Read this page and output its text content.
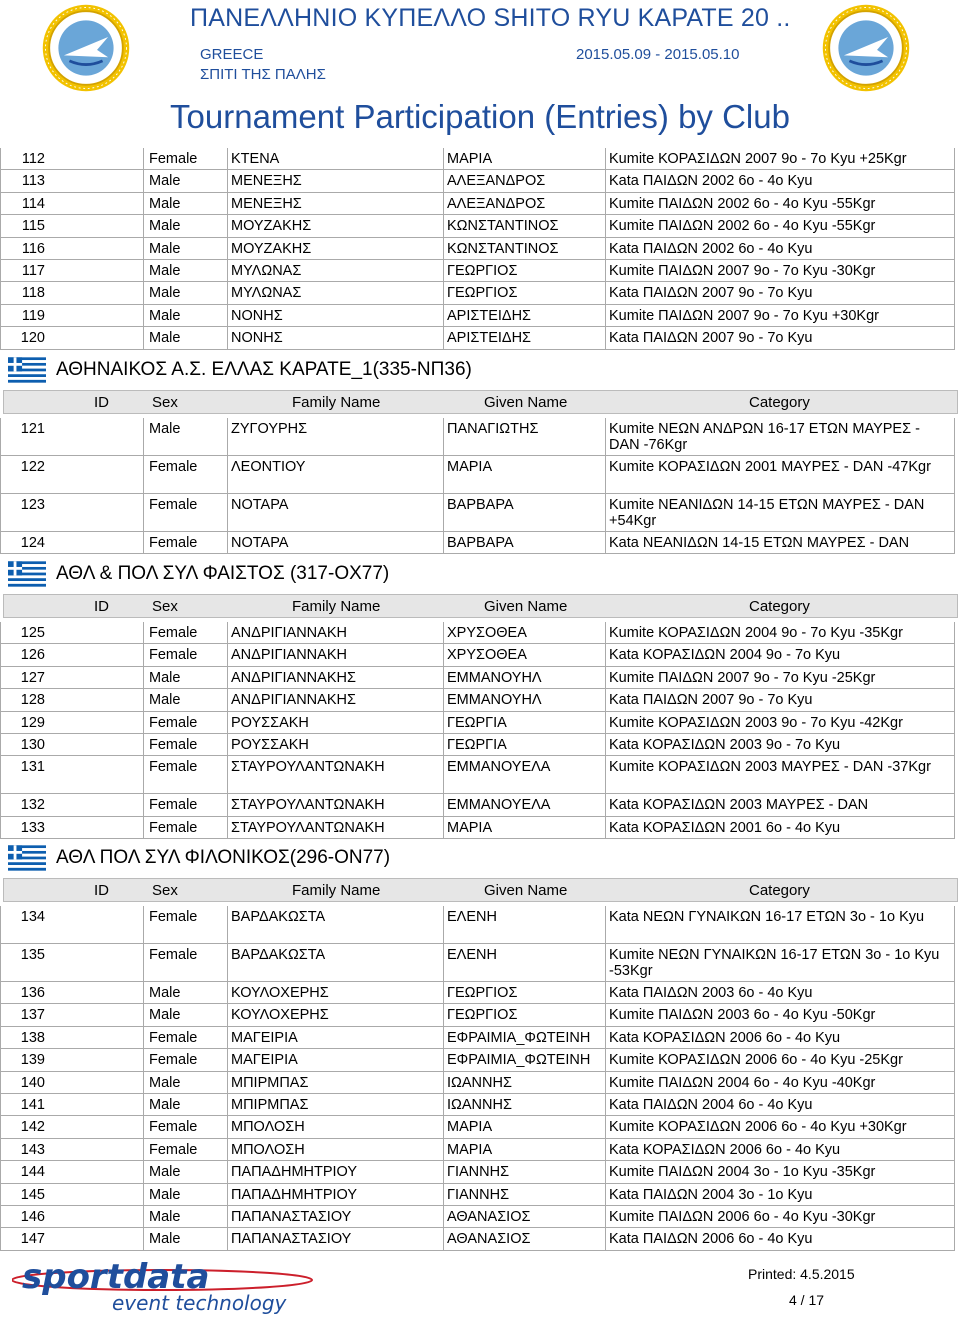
ΠΑΝΕΛΛΗΝΙΟ ΚΥΠΕΛΛΟ SHITO RYU ΚΑΡΑΤΕ 20 ..
GREECE
ΣΠΙΤΙ ΤΗΣ ΠΑΛΗΣ
2015.05.09 - 2015.05.10
Tournament Participation (Entries) by Club
112	Female ΚΤΕΝΑ	ΜΑΡΙΑ	Kumite ΚΟΡΑΣΙΔΩΝ 2007 9ο - 7ο Kyu +25Kgr
113	Male	ΜΕΝΕΞΗΣ	ΑΛΕΞΑΝΔΡΟΣ	Kata ΠΑΙΔΩΝ 2002 6ο - 4ο Kyu
114	Male	ΜΕΝΕΞΗΣ	ΑΛΕΞΑΝΔΡΟΣ	Kumite ΠΑΙΔΩΝ 2002 6ο - 4ο Kyu -55Kgr
115	Male	ΜΟΥΖΑΚΗΣ	ΚΩΝΣΤΑΝΤΙΝΟΣ	Kumite ΠΑΙΔΩΝ 2002 6ο - 4ο Kyu -55Kgr
116	Male	ΜΟΥΖΑΚΗΣ	ΚΩΝΣΤΑΝΤΙΝΟΣ	Kata ΠΑΙΔΩΝ 2002 6ο - 4ο Kyu
117	Male	ΜΥΛΩΝΑΣ	ΓΕΩΡΓΙΟΣ	Kumite ΠΑΙΔΩΝ 2007 9ο - 7ο Kyu -30Kgr
118	Male	ΜΥΛΩΝΑΣ	ΓΕΩΡΓΙΟΣ	Kata ΠΑΙΔΩΝ 2007 9ο - 7ο Kyu
119	Male	ΝΟΝΗΣ	ΑΡΙΣΤΕΙΔΗΣ	Kumite ΠΑΙΔΩΝ 2007 9ο - 7ο Kyu +30Kgr
120	Male	ΝΟΝΗΣ	ΑΡΙΣΤΕΙΔΗΣ	Kata ΠΑΙΔΩΝ 2007 9ο - 7ο Kyu
ΑΘΗΝΑΙΚΟΣ Α.Σ. ΕΛΛΑΣ ΚΑΡΑΤΕ_1(335-ΝΠ36)
ID	Sex	Family Name	Given Name	Category
121	Male	ΖΥΓΟΥΡΗΣ	ΠΑΝΑΓΙΩΤΗΣ	Kumite ΝΕΩΝ ΑΝΔΡΩΝ 16-17 ΕΤΩΝ ΜΑΥΡΕΣ - DAN -76Kgr
122	Female ΛΕΟΝΤΙΟΥ	ΜΑΡΙΑ	Kumite ΚΟΡΑΣΙΔΩΝ 2001 ΜΑΥΡΕΣ - DAN -47Kgr
123	Female ΝΟΤΑΡΑ	ΒΑΡΒΑΡΑ	Kumite ΝΕΑΝΙΔΩΝ 14-15 ΕΤΩΝ ΜΑΥΡΕΣ - DAN +54Kgr
124	Female ΝΟΤΑΡΑ	ΒΑΡΒΑΡΑ	Kata ΝΕΑΝΙΔΩΝ 14-15 ΕΤΩΝ ΜΑΥΡΕΣ - DAN
ΑΘΛ & ΠΟΛ ΣΥΛ ΦΑΙΣΤΟΣ (317-ΟΧ77)
ID	Sex	Family Name	Given Name	Category
125	Female ΑΝΔΡΙΓΙΑΝΝΑΚΗ	ΧΡΥΣΟΘΕΑ	Kumite ΚΟΡΑΣΙΔΩΝ 2004 9ο - 7ο Kyu -35Kgr
126	Female ΑΝΔΡΙΓΙΑΝΝΑΚΗ	ΧΡΥΣΟΘΕΑ	Kata ΚΟΡΑΣΙΔΩΝ 2004 9ο - 7ο Kyu
127	Male	ΑΝΔΡΙΓΙΑΝΝΑΚΗΣ	ΕΜΜΑΝΟΥΗΛ	Kumite ΠΑΙΔΩΝ 2007 9ο - 7ο Kyu -25Kgr
128	Male	ΑΝΔΡΙΓΙΑΝΝΑΚΗΣ	ΕΜΜΑΝΟΥΗΛ	Kata ΠΑΙΔΩΝ 2007 9ο - 7ο Kyu
129	Female ΡΟΥΣΣΑΚΗ	ΓΕΩΡΓΙΑ	Kumite ΚΟΡΑΣΙΔΩΝ 2003 9ο - 7ο Kyu -42Kgr
130	Female ΡΟΥΣΣΑΚΗ	ΓΕΩΡΓΙΑ	Kata ΚΟΡΑΣΙΔΩΝ 2003 9ο - 7ο Kyu
131	Female ΣΤΑΥΡΟΥΛΑΝΤΩΝΑΚΗ	ΕΜΜΑΝΟΥΕΛΑ	Kumite ΚΟΡΑΣΙΔΩΝ 2003 ΜΑΥΡΕΣ - DAN -37Kgr
132	Female ΣΤΑΥΡΟΥΛΑΝΤΩΝΑΚΗ	ΕΜΜΑΝΟΥΕΛΑ	Kata ΚΟΡΑΣΙΔΩΝ 2003 ΜΑΥΡΕΣ - DAN
133	Female ΣΤΑΥΡΟΥΛΑΝΤΩΝΑΚΗ	ΜΑΡΙΑ	Kata ΚΟΡΑΣΙΔΩΝ 2001 6ο - 4ο Kyu
ΑΘΛ ΠΟΛ ΣΥΛ ΦΙΛΟΝΙΚΟΣ(296-ΟΝ77)
ID	Sex	Family Name	Given Name	Category
134	Female ΒΑΡΔΑΚΩΣΤΑ	ΕΛΕΝΗ	Kata ΝΕΩΝ ΓΥΝΑΙΚΩΝ 16-17 ΕΤΩΝ 3ο - 1ο Kyu
135	Female ΒΑΡΔΑΚΩΣΤΑ	ΕΛΕΝΗ	Kumite ΝΕΩΝ ΓΥΝΑΙΚΩΝ 16-17 ΕΤΩΝ 3ο - 1ο Kyu -53Kgr
136	Male	ΚΟΥΛΟΧΕΡΗΣ	ΓΕΩΡΓΙΟΣ	Kata ΠΑΙΔΩΝ 2003 6ο - 4ο Kyu
137	Male	ΚΟΥΛΟΧΕΡΗΣ	ΓΕΩΡΓΙΟΣ	Kumite ΠΑΙΔΩΝ 2003 6ο - 4ο Kyu -50Kgr
138	Female ΜΑΓΕΙΡΙΑ	ΕΦΡΑΙΜΙΑ_ΦΩΤΕΙΝΗ Kata ΚΟΡΑΣΙΔΩΝ 2006 6ο - 4ο Kyu
139	Female ΜΑΓΕΙΡΙΑ	ΕΦΡΑΙΜΙΑ_ΦΩΤΕΙΝΗ Kumite ΚΟΡΑΣΙΔΩΝ 2006 6ο - 4ο Kyu -25Kgr
140	Male	ΜΠΙΡΜΠΑΣ	ΙΩΑΝΝΗΣ	Kumite ΠΑΙΔΩΝ 2004 6ο - 4ο Kyu -40Kgr
141	Male	ΜΠΙΡΜΠΑΣ	ΙΩΑΝΝΗΣ	Kata ΠΑΙΔΩΝ 2004 6ο - 4ο Kyu
142	Female ΜΠΟΛΟΣΗ	ΜΑΡΙΑ	Kumite ΚΟΡΑΣΙΔΩΝ 2006 6ο - 4ο Kyu +30Kgr
143	Female ΜΠΟΛΟΣΗ	ΜΑΡΙΑ	Kata ΚΟΡΑΣΙΔΩΝ 2006 6ο - 4ο Kyu
144	Male	ΠΑΠΑΔΗΜΗΤΡΙΟΥ	ΓΙΑΝΝΗΣ	Kumite ΠΑΙΔΩΝ 2004 3ο - 1ο Kyu -35Kgr
145	Male	ΠΑΠΑΔΗΜΗΤΡΙΟΥ	ΓΙΑΝΝΗΣ	Kata ΠΑΙΔΩΝ 2004 3ο - 1ο Kyu
146	Male	ΠΑΠΑΝΑΣΤΑΣΙΟΥ	ΑΘΑΝΑΣΙΟΣ	Kumite ΠΑΙΔΩΝ 2006 6ο - 4ο Kyu -30Kgr
147	Male	ΠΑΠΑΝΑΣΤΑΣΙΟΥ	ΑΘΑΝΑΣΙΟΣ	Kata ΠΑΙΔΩΝ 2006 6ο - 4ο Kyu
sportdata
event technology
Printed: 4.5.2015
4 / 17
